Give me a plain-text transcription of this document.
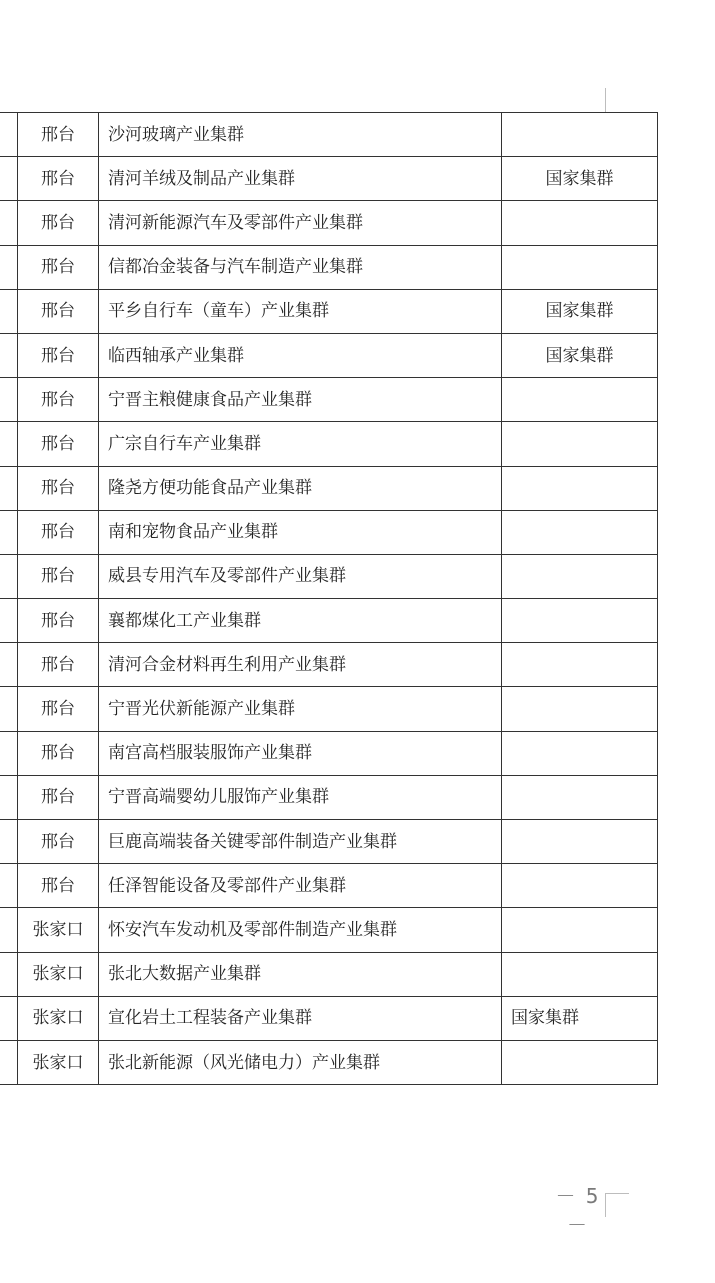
	邢台	沙河玻璃产业集群	

	邢台	清河羊绒及制品产业集群	国家集群

	邢台	清河新能源汽车及零部件产业集群	

	邢台	信都冶金装备与汽车制造产业集群	

	邢台	平乡自行车（童车）产业集群	国家集群

	邢台	临西轴承产业集群	国家集群

	邢台	宁晋主粮健康食品产业集群	

	邢台	广宗自行车产业集群	

	邢台	隆尧方便功能食品产业集群	

	邢台	南和宠物食品产业集群	

	邢台	威县专用汽车及零部件产业集群	

	邢台	襄都煤化工产业集群	

	邢台	清河合金材料再生利用产业集群	

	邢台	宁晋光伏新能源产业集群	

	邢台	南宫高档服装服饰产业集群	

	邢台	宁晋高端婴幼儿服饰产业集群	

	邢台	巨鹿高端装备关键零部件制造产业集群	

	邢台	任泽智能设备及零部件产业集群	

	张家口	怀安汽车发动机及零部件制造产业集群	

	张家口	张北大数据产业集群	

	张家口	宣化岩土工程装备产业集群	国家集群

	张家口	张北新能源（风光储电力）产业集群	
－ 5 －
